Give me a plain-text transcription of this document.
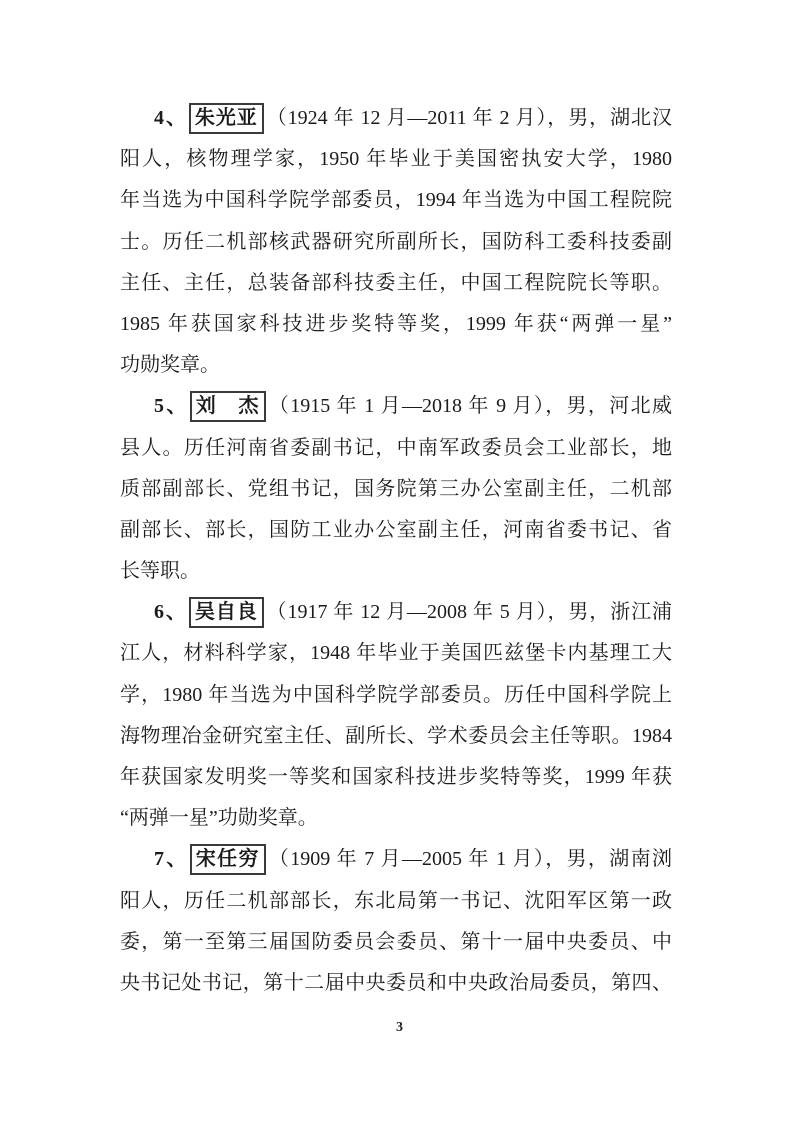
4、 朱光亚 （1924 年 12 月—2011 年 2 月），男，湖北汉
阳人，核物理学家，1950 年毕业于美国密执安大学，1980
年当选为中国科学院学部委员，1994 年当选为中国工程院院
士。历任二机部核武器研究所副所长，国防科工委科技委副
主任、主任，总装备部科技委主任，中国工程院院长等职。
1985 年获国家科技进步奖特等奖，1999 年获“两弹一星”
功勋奖章。
5、 刘　杰 （1915 年 1 月—2018 年 9 月），男，河北威
县人。历任河南省委副书记，中南军政委员会工业部长，地
质部副部长、党组书记，国务院第三办公室副主任，二机部
副部长、部长，国防工业办公室副主任，河南省委书记、省
长等职。
6、 吴自良 （1917 年 12 月—2008 年 5 月），男，浙江浦
江人，材料科学家，1948 年毕业于美国匹兹堡卡内基理工大
学，1980 年当选为中国科学院学部委员。历任中国科学院上
海物理冶金研究室主任、副所长、学术委员会主任等职。1984
年获国家发明奖一等奖和国家科技进步奖特等奖，1999 年获
“两弹一星”功勋奖章。
7、 宋任穷 （1909 年 7 月—2005 年 1 月），男，湖南浏
阳人，历任二机部部长，东北局第一书记、沈阳军区第一政
委，第一至第三届国防委员会委员、第十一届中央委员、中
央书记处书记，第十二届中央委员和中央政治局委员，第四、
3
